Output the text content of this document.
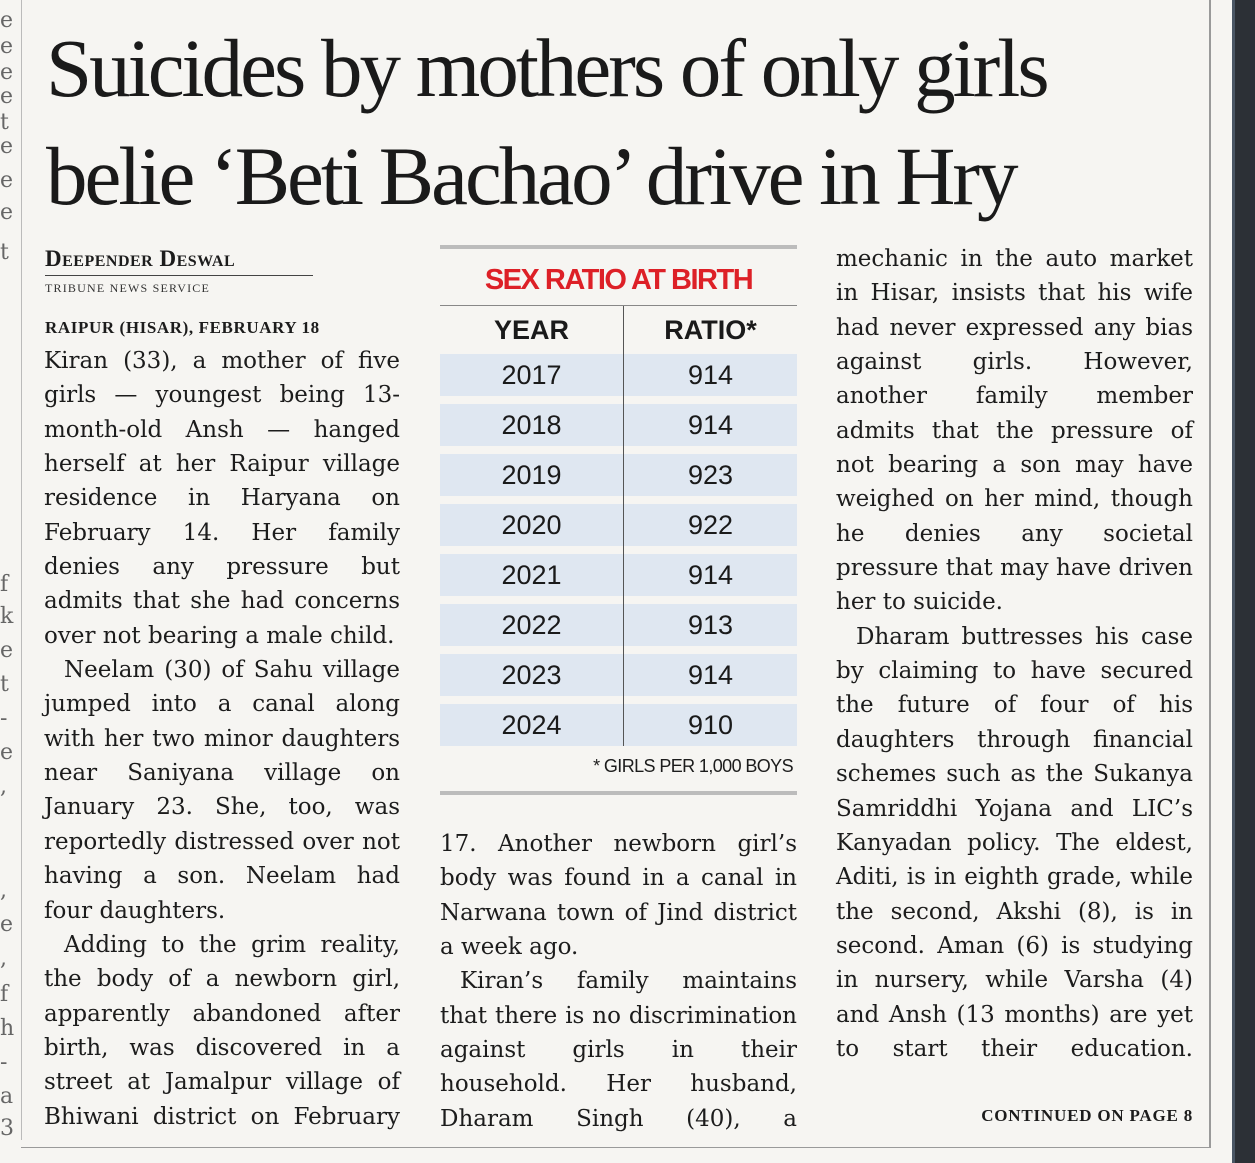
e
e
e
e
t
e
e
e
t
f
k
e
t
-
e
,
,
e
,
f
h
-
a
3
Suicides by mothers of only girls
belie ‘Beti Bachao’ drive in Hry
Deepender Deswal
TRIBUNE NEWS SERVICE
RAIPUR (HISAR), FEBRUARY 18

Kiran (33), a mother of five girls — youngest being 13-month-old Ansh — hanged herself at her Raipur village residence in Haryana on February 14. Her family denies any pressure but admits that she had concerns over not bearing a male child.

Neelam (30) of Sahu village jumped into a canal along with her two minor daughters near Saniyana village on January 23. She, too, was reportedly distressed over not having a son. Neelam had four daughters.

Adding to the grim reality, the body of a newborn girl, apparently abandoned after birth, was discovered in a street at Jamalpur village of Bhiwani district on February

SEX RATIO AT BIRTH
YEAR	RATIO*
2017	914

2018	914

2019	923

2020	922

2021	914

2022	913

2023	914

2024	910
* GIRLS PER 1,000 BOYS

17. Another newborn girl’s body was found in a canal in Narwana town of Jind district a week ago.

Kiran’s family maintains that there is no discrimination against girls in their household. Her husband, Dharam Singh (40), a

mechanic in the auto market in Hisar, insists that his wife had never expressed any bias against girls. However, another family member admits that the pressure of not bearing a son may have weighed on her mind, though he denies any societal pressure that may have driven her to suicide.

Dharam buttresses his case by claiming to have secured the future of four of his daughters through financial schemes such as the Sukanya Samriddhi Yojana and LIC’s Kanyadan policy. The eldest, Aditi, is in eighth grade, while the second, Akshi (8), is in second. Aman (6) is studying in nursery, while Varsha (4) and Ansh (13 months) are yet to start their education.

CONTINUED ON PAGE 8
